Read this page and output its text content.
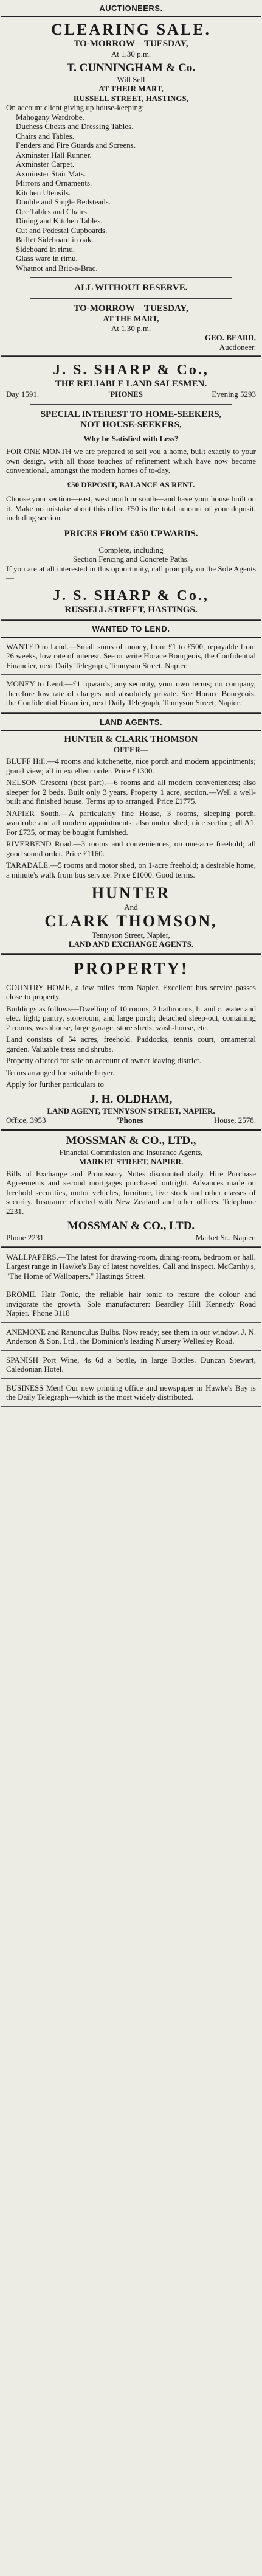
AUCTIONEERS.

CLEARING SALE.

TO-MORROW—TUESDAY,

At 1.30 p.m.

T. CUNNINGHAM & Co.

Will Sell

AT THEIR MART,

RUSSELL STREET, HASTINGS,

On account client giving up house-keeping:

Mahogany Wardrobe.

Duchess Chests and Dressing Tables.

Chairs and Tables.

Fenders and Fire Guards and Screens.

Axminster Hall Runner.

Axminster Carpet.

Axminster Stair Mats.

Mirrors and Ornaments.

Kitchen Utensils.

Double and Single Bedsteads.

Occ Tables and Chairs.

Dining and Kitchen Tables.

Cut and Pedestal Cupboards.

Buffet Sideboard in oak.

Sideboard in rimu.

Glass ware in rimu.

Whatnot and Bric-a-Brac.

ALL WITHOUT RESERVE.

TO-MORROW—TUESDAY,

AT THE MART,

At 1.30 p.m.

GEO. BEARD,

Auctioneer.

J. S. SHARP & Co.,

THE RELIABLE LAND SALESMEN.

Day 1591.	'PHONES	Evening 5293

SPECIAL INTEREST TO HOME-SEEKERS,

NOT HOUSE-SEEKERS,

Why be Satisfied with Less?

FOR ONE MONTH we are prepared to sell you a home, built exactly to your own design, with all those touches of refinement which have now become conventional, amongst the modern homes of to-day.

£50 DEPOSIT, BALANCE AS RENT.

Choose your section—east, west north or south—and have your house built on it. Make no mistake about this offer. £50 is the total amount of your deposit, including section.

PRICES FROM £850 UPWARDS.

Complete, including

Section Fencing and Concrete Paths.

If you are at all interested in this opportunity, call promptly on the Sole Agents—

J. S. SHARP & Co.,

RUSSELL STREET, HASTINGS.

WANTED TO LEND.
WANTED to Lend.—Small sums of money, from £1 to £500, repayable from 26 weeks, low rate of interest. See or write Horace Bourgeois, the Confidential Financier, next Daily Telegraph, Tennyson Street, Napier.
MONEY to Lend.—£1 upwards; any security, your own terms; no company, therefore low rate of charges and absolutely private. See Horace Bourgeois, the Confidential Financier, next Daily Telegraph, Tennyson Street, Napier.
LAND AGENTS.

HUNTER & CLARK THOMSON

OFFER—

BLUFF Hill.—4 rooms and kitchenette, nice porch and modern appointments; grand view; all in excellent order. Price £1300.

NELSON Crescent (best part).—6 rooms and all modern conveniences; also sleeper for 2 beds. Built only 3 years. Property 1 acre, section.—Well a well-built and finished house. Terms up to arranged. Price £1775.

NAPIER South.—A particularly fine House, 3 rooms, sleeping porch, wardrobe and all modern appointments; also motor shed; nice section; all A1. For £735, or may be bought furnished.

RIVERBEND Road.—3 rooms and conveniences, on one-acre freehold; all good sound order. Price £1160.

TARADALE.—5 rooms and motor shed, on 1-acre freehold; a desirable home, a minute's walk from bus service. Price £1000. Good terms.

HUNTER

And

CLARK THOMSON,

Tennyson Street, Napier,

LAND AND EXCHANGE AGENTS.

PROPERTY!

COUNTRY HOME, a few miles from Napier. Excellent bus service passes close to property.

Buildings as follows—Dwelling of 10 rooms, 2 bathrooms, h. and c. water and elec. light; pantry, storeroom, and large porch; detached sleep-out, containing 2 rooms, washhouse, large garage, store sheds, wash-house, etc.

Land consists of 54 acres, freehold. Paddocks, tennis court, ornamental garden. Valuable tress and shrubs.

Property offered for sale on account of owner leaving district.

Terms arranged for suitable buyer.

Apply for further particulars to

J. H. OLDHAM,

LAND AGENT, TENNYSON STREET, NAPIER.

Office, 3953	'Phones	House, 2578.

MOSSMAN & CO., LTD.,

Financial Commission and Insurance Agents,

MARKET STREET, NAPIER.

Bills of Exchange and Promissory Notes discounted daily. Hire Purchase Agreements and second mortgages purchased outright. Advances made on freehold securities, motor vehicles, furniture, live stock and other classes of security. Insurance effected with New Zealand and other offices. Telephone 2231.

MOSSMAN & CO., LTD.

Phone 2231	Market St., Napier.
WALLPAPERS.—The latest for drawing-room, dining-room, bedroom or hall. Largest range in Hawke's Bay of latest novelties. Call and inspect. McCarthy's, "The Home of Wallpapers," Hastings Street.
BROMIL Hair Tonic, the reliable hair tonic to restore the colour and invigorate the growth. Sole manufacturer: Beardley Hill Kennedy Road Napier. 'Phone 3118
ANEMONE and Ranunculus Bulbs. Now ready; see them in our window. J. N. Anderson & Son, Ltd., the Dominion's leading Nursery Wellesley Road.
SPANISH Port Wine, 4s 6d a bottle, in large Bottles. Duncan Stewart, Caledonian Hotel.
BUSINESS Men! Our new printing office and newspaper in Hawke's Bay is the Daily Telegraph—which is the most widely distributed.
